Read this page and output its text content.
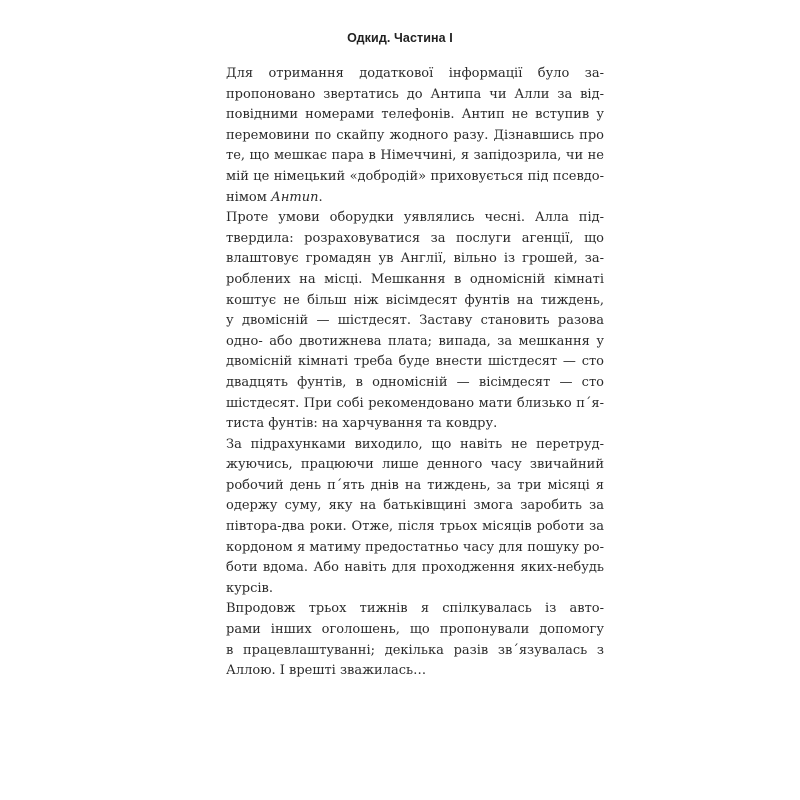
Одкид. Частина I

Для отримання додаткової інформації було за-
пропоновано звертатись до Антипа чи Алли за від-
повідними номерами телефонів. Антип не вступив у
перемовини по скайпу жодного разу. Дізнавшись про
те, що мешкає пара в Німеччині, я запідозрила, чи не
мій це німецький «добродій» приховується під псевдо-
німом Антип.

Проте умови оборудки уявлялись чесні. Алла під-
твердила: розраховуватися за послуги агенції, що
влаштовує громадян ув Англії, вільно із грошей, за-
роблених на місці. Мешкання в одномісній кімнаті
коштує не більш ніж вісімдесят фунтів на тиждень,
у двомісній — шістдесят. Заставу становить разова
одно- або двотижнева плата; випада, за мешкання у
двомісній кімнаті треба буде внести шістдесят — сто
двадцять фунтів, в одномісній — вісімдесят — сто
шістдесят. При собі рекомендовано мати близько п´я-
тиста фунтів: на харчування та ковдру.

За підрахунками виходило, що навіть не перетруд-
жуючись, працюючи лише денного часу звичайний
робочий день п´ять днів на тиждень, за три місяці я
одержу суму, яку на батьківщині змога заробить за
півтора-два роки. Отже, після трьох місяців роботи за
кордоном я матиму предостатньо часу для пошуку ро-
боти вдома. Або навіть для проходження яких-небудь
курсів.

Впродовж трьох тижнів я спілкувалась із авто-
рами інших оголошень, що пропонували допомогу
в працевлаштуванні; декілька разів зв´язувалась з
Аллою. І врешті зважилась…
